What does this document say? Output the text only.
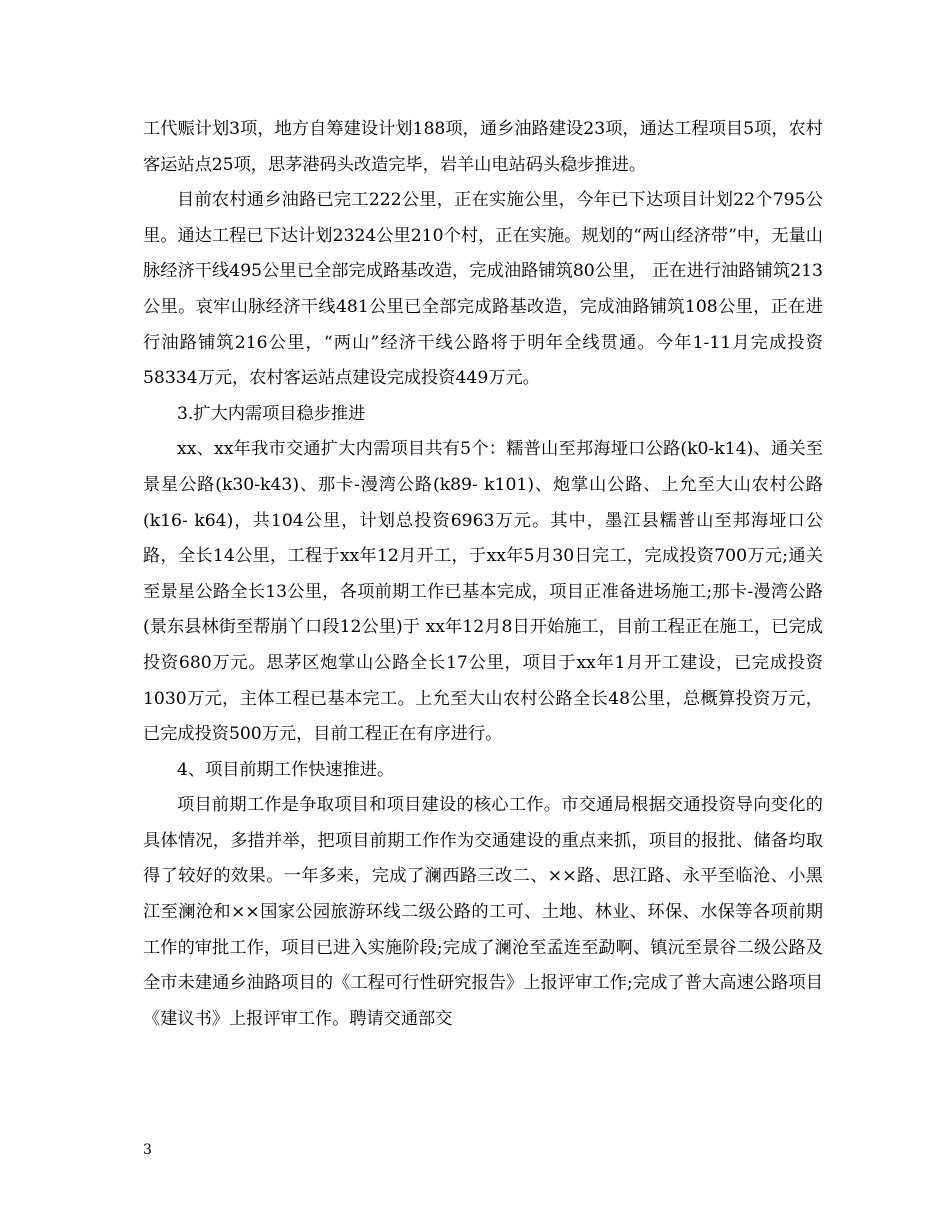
工代赈计划3项，地方自筹建设计划188项，通乡油路建设23项，通达工程项目5项，农村客运站点25项，思茅港码头改造完毕，岩羊山电站码头稳步推进。

目前农村通乡油路已完工222公里，正在实施公里，今年已下达项目计划22个795公里。通达工程已下达计划2324公里210个村，正在实施。规划的“两山经济带”中，无量山脉经济干线495公里已全部完成路基改造，完成油路铺筑80公里， 正在进行油路铺筑213公里。哀牢山脉经济干线481公里已全部完成路基改造，完成油路铺筑108公里，正在进行油路铺筑216公里，“两山”经济干线公路将于明年全线贯通。今年1-11月完成投资58334万元，农村客运站点建设完成投资449万元。

3.扩大内需项目稳步推进

xx、xx年我市交通扩大内需项目共有5个：糯普山至邦海垭口公路(k0-k14)、通关至景星公路(k30-k43)、那卡-漫湾公路(k89- k101)、炮掌山公路、上允至大山农村公路(k16- k64)，共104公里，计划总投资6963万元。其中，墨江县糯普山至邦海垭口公路，全长14公里，工程于xx年12月开工，于xx年5月30日完工，完成投资700万元;通关至景星公路全长13公里，各项前期工作已基本完成，项目正准备进场施工;那卡-漫湾公路(景东县林街至帮崩丫口段12公里)于 xx年12月8日开始施工，目前工程正在施工，已完成投资680万元。思茅区炮掌山公路全长17公里，项目于xx年1月开工建设，已完成投资1030万元，主体工程已基本完工。上允至大山农村公路全长48公里，总概算投资万元，已完成投资500万元，目前工程正在有序进行。

4、项目前期工作快速推进。

项目前期工作是争取项目和项目建设的核心工作。市交通局根据交通投资导向变化的具体情况，多措并举，把项目前期工作作为交通建设的重点来抓，项目的报批、储备均取得了较好的效果。一年多来，完成了澜西路三改二、××路、思江路、永平至临沧、小黑江至澜沧和××国家公园旅游环线二级公路的工可、土地、林业、环保、水保等各项前期工作的审批工作，项目已进入实施阶段;完成了澜沧至孟连至勐啊、镇沅至景谷二级公路及全市未建通乡油路项目的《工程可行性研究报告》上报评审工作;完成了普大高速公路项目《建议书》上报评审工作。聘请交通部交

3
